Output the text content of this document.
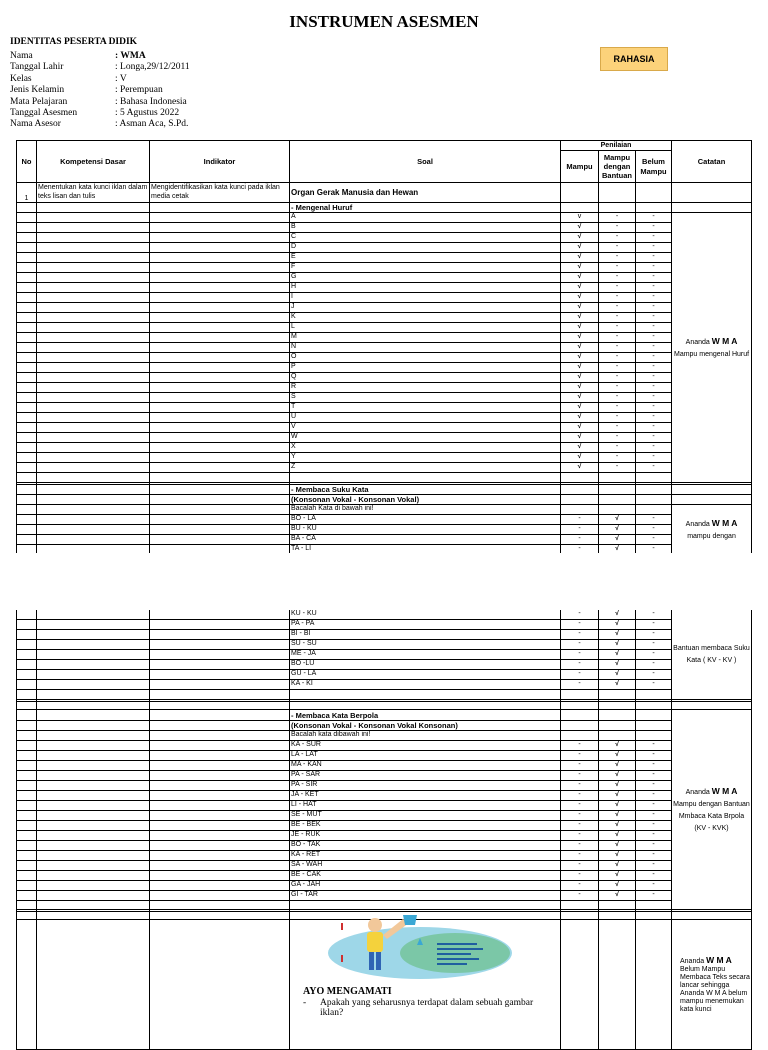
INSTRUMEN ASESMEN
RAHASIA
IDENTITAS PESERTA DIDIK
Nama	: WMA
Tanggal Lahir	: Longa,29/12/2011
Kelas	: V
Jenis Kelamin	: Perempuan
Mata Pelajaran	: Bahasa Indonesia
Tanggal Asesmen	: 5 Agustus 2022
Nama Asesor	: Asman Aca, S.Pd.
No	Kompetensi Dasar	Indikator	Soal	Penilaian			Catatan
				Mampu	Mampu dengan Bantuan	Belum Mampu	
1	Menentukan kata kunci iklan dalam teks lisan dan tulis	Mengidentifikasikan kata kunci pada iklan media cetak	Organ Gerak Manusia dan Hewan				
			- Mengenal Huruf				
			A	v	-	-	Ananda W M A Mampu mengenal Huruf
			B	√	-	-	
			C	√	-	-	
			D	√	-	-	
			E	√	-	-	
			F	√	-	-	
			G	√	-	-	
			H	√	-	-	
			I	√	-	-	
			J	√	-	-	
			K	√	-	-	
			L	√	-	-	
			M	√	-	-	
			N	√	-	-	
			O	√	-	-	
			P	√	-	-	
			Q	√	-	-	
			R	√	-	-	
			S	√	-	-	
			T	√	-	-	
			U	√	-	-	
			V	√	-	-	
			W	√	-	-	
			X	√	-	-	
			Y	√	-	-	
			Z	√	-	-	

			- Membaca Suku Kata				
			(Konsonan Vokal - Konsonan Vokal)				
			Bacalah Kata di bawah ini!				Ananda W M A mampu dengan
			BO - LA	-	√	-	
			BU - KU	-	√	-	
			BA - CA	-	√	-	
			TA - LI	-	√	-	
			KU - KU	-	√	-	Bantuan membaca Suku Kata ( KV - KV )
			PA - PA	-	√	-	
			BI - BI	-	√	-	
			SU - SU	-	√	-	
			ME - JA	-	√	-	
			BO -LU	-	√	-	
			GU - LA	-	√	-	
			KA - KI	-	√	-	

			- Membaca Kata Berpola				Ananda W M A Mampu dengan Bantuan Mmbaca Kata Brpola (KV - KVK)
			(Konsonan Vokal - Konsonan Vokal Konsonan)				
			Bacalah kata dibawah ini!				
			KA - SUR	-	√	-	
			LA - LAT	-	√	-	
			MA - KAN	-	√	-	
			PA - SAR	-	√	-	
			PA - SIR	-	√	-	
			JA - KET	-	√	-	
			LI - HAT	-	√	-	
			SE - MUT	-	√	-	
			BE - BEK	-	√	-	
			JE - RUK	-	√	-	
			BO - TAK	-	√	-	
			KA - RET	-	√	-	
			SA - WAH	-	√	-	
			BE - CAK	-	√	-	
			GA - JAH	-	√	-	
			GI - TAR	-	√	-	

							Ananda W M A Belum Mampu Membaca Teks secara lancar sehingga Ananda W M A belum mampu menemukan kata kunci
AYO MENGAMATI
-	Apakah yang seharusnya terdapat dalam sebuah gambar iklan?
